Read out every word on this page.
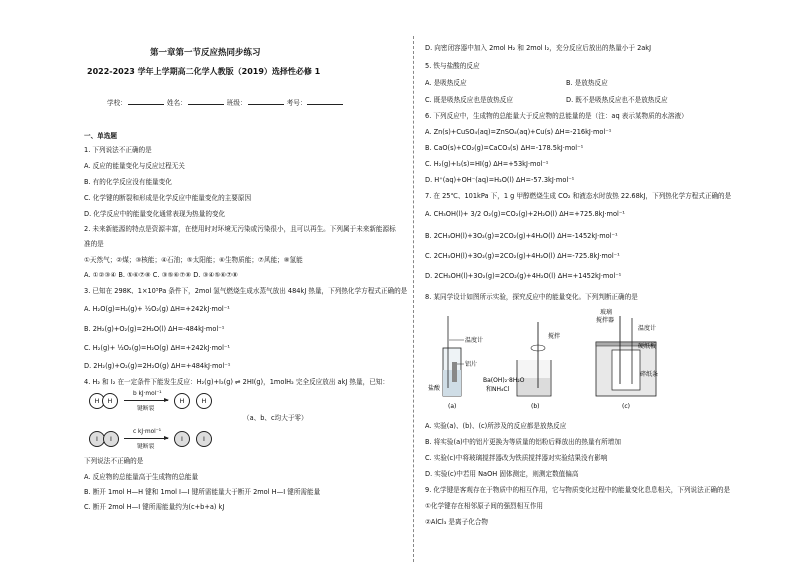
第一章第一节反应热同步练习
2022-2023 学年上学期高二化学人教版（2019）选择性必修 1
学校：	姓名：	班级：	考号：
一、单选题
1. 下列说法不正确的是
A. 反应的能量变化与反应过程无关
B. 有的化学反应没有能量变化
C. 化学键的断裂和形成是化学反应中能量变化的主要原因
D. 化学反应中的能量变化通常表现为热量的变化
2. 未来新能源的特点是资源丰富，在使用时对环境无污染或污染很小，且可以再生。下列属于未来新能源标
准的是
①天然气；②煤；③核能；④石油；⑤太阳能；⑥生物质能；⑦风能；⑧氢能
A. ①②③④ B. ⑤⑥⑦⑧ C. ③⑤⑥⑦⑧ D. ③④⑤⑥⑦⑧
3. 已知在 298K、1×10⁵Pa 条件下，2mol 氢气燃烧生成水蒸气放出 484kJ 热量，下列热化学方程式正确的是
A. H₂O(g)=H₂(g)+ ½O₂(g) ΔH=+242kJ·mol⁻¹
B. 2H₂(g)+O₂(g)=2H₂O(l) ΔH=-484kJ·mol⁻¹
C. H₂(g)+ ½O₂(g)=H₂O(g) ΔH=+242kJ·mol⁻¹
D. 2H₂(g)+O₂(g)=2H₂O(g) ΔH=+484kJ·mol⁻¹
4. H₂ 和 I₂ 在一定条件下能发生反应：H₂(g)+I₂(g) ⇌ 2HI(g)，1molH₂ 完全反应放出 akJ 热量，已知：
H	H
b kJ·mol⁻¹
键断裂
H	H
（a、b、c均大于零）
I	I
c kJ·mol⁻¹
键断裂
I	I
下列说法不正确的是
A. 反应物的总能量高于生成物的总能量
B. 断开 1mol H—H 键和 1mol I—I 键所需能量大于断开 2mol H—I 键所需能量
C. 断开 2mol H—I 键所需能量约为(c+b+a) kJ
D. 向密闭容器中加入 2mol H₂ 和 2mol I₂，充分反应后放出的热量小于 2akJ
5. 铁与盐酸的反应
A. 是吸热反应	B. 是放热反应
C. 既是吸热反应也是放热反应	D. 既不是吸热反应也不是放热反应
6. 下列反应中，生成物的总能量大于反应物的总能量的是（注：aq 表示某物质的水溶液）
A. Zn(s)+CuSO₄(aq)=ZnSO₄(aq)+Cu(s) ΔH=-216kJ·mol⁻¹
B. CaO(s)+CO₂(g)=CaCO₃(s) ΔH=-178.5kJ·mol⁻¹
C. H₂(g)+I₂(s)=HI(g) ΔH=+53kJ·mol⁻¹
D. H⁺(aq)+OH⁻(aq)=H₂O(l) ΔH=-57.3kJ·mol⁻¹
7. 在 25℃、101kPa 下，1 g 甲醇燃烧生成 CO₂ 和液态水时放热 22.68kJ，下列热化学方程式正确的是
A. CH₃OH(l)+ 3/2 O₂(g)=CO₂(g)+2H₂O(l) ΔH=+725.8kJ·mol⁻¹
B. 2CH₃OH(l)+3O₂(g)=2CO₂(g)+4H₂O(l) ΔH=-1452kJ·mol⁻¹
C. 2CH₃OH(l)+3O₂(g)=2CO₂(g)+4H₂O(l) ΔH=-725.8kJ·mol⁻¹
D. 2CH₃OH(l)+3O₂(g)=2CO₂(g)+4H₂O(l) ΔH=+1452kJ·mol⁻¹
8. 某同学设计如图所示实验，探究反应中的能量变化。下列判断正确的是
温度计
铝片
盐酸
(a)
搅拌
Ba(OH)₂·8H₂O
和NH₄Cl
(b)
玻璃
搅拌器
温度计
硬纸板
碎纸条
(c)
A. 实验(a)、(b)、(c)所涉及的反应都是放热反应
B. 将实验(a)中的铝片更换为等质量的铝粉后释放出的热量有所增加
C. 实验(c)中将玻璃搅拌器改为铁质搅拌器对实验结果没有影响
D. 实验(c)中若用 NaOH 固体测定，则测定数值偏高
9. 化学键是客观存在于物质中的相互作用，它与物质变化过程中的能量变化息息相关，下列说法正确的是
①化学键存在相邻原子间的强烈相互作用
②AlCl₃ 是离子化合物
